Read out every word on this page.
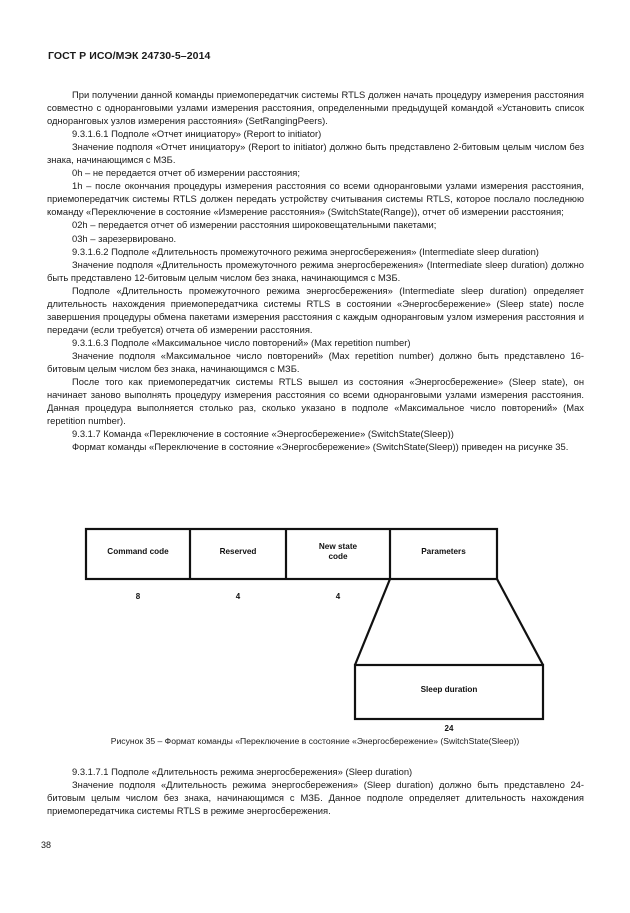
ГОСТ Р ИСО/МЭК 24730-5–2014

При получении данной команды приемопередатчик системы RTLS должен начать процедуру измерения расстояния совместно с одноранговыми узлами измерения расстояния, определенными предыдущей командой «Установить список одноранговых узлов измерения расстояния» (SetRangingPeers).

9.3.1.6.1 Подполе «Отчет инициатору» (Report to initiator)

Значение подполя «Отчет инициатору» (Report to initiator) должно быть представлено 2-битовым целым числом без знака, начинающимся с МЗБ.

0h – не передается отчет об измерении расстояния;

1h – после окончания процедуры измерения расстояния со всеми одноранговыми узлами измерения расстояния, приемопередатчик системы RTLS должен передать устройству считывания системы RTLS, которое послало последнюю команду «Переключение в состояние «Измерение расстояния» (SwitchState(Range)), отчет об измерении расстояния;

02h – передается отчет об измерении расстояния широковещательными пакетами;

03h – зарезервировано.

9.3.1.6.2 Подполе «Длительность промежуточного режима энергосбережения» (Intermediate sleep duration)

Значение подполя «Длительность промежуточного режима энергосбережения» (Intermediate sleep duration) должно быть представлено 12-битовым целым числом без знака, начинающимся с МЗБ.

Подполе «Длительность промежуточного режима энергосбережения» (Intermediate sleep duration) определяет длительность нахождения приемопередатчика системы RTLS в состоянии «Энергосбережение» (Sleep state) после завершения процедуры обмена пакетами измерения расстояния с каждым одноранговым узлом измерения расстояния и передачи (если требуется) отчета об измерении расстояния.

9.3.1.6.3 Подполе «Максимальное число повторений» (Max repetition number)

Значение подполя «Максимальное число повторений» (Max repetition number) должно быть представлено 16-битовым целым числом без знака, начинающимся с МЗБ.

После того как приемопередатчик системы RTLS вышел из состояния «Энергосбережение» (Sleep state), он начинает заново выполнять процедуру измерения расстояния со всеми одноранговыми узлами измерения расстояния. Данная процедура выполняется столько раз, сколько указано в подполе «Максимальное число повторений» (Max repetition number).

9.3.1.7 Команда «Переключение в состояние «Энергосбережение» (SwitchState(Sleep))

Формат команды «Переключение в состояние «Энергосбережение» (SwitchState(Sleep)) приведен на рисунке 35.

Command code	Reserved
New state
code
Parameters
Sleep duration
8	4	4
24
Рисунок 35 – Формат команды «Переключение в состояние «Энергосбережение» (SwitchState(Sleep))

9.3.1.7.1 Подполе «Длительность режима энергосбережения» (Sleep duration)

Значение подполя «Длительность режима энергосбережения» (Sleep duration) должно быть представлено 24-битовым целым числом без знака, начинающимся с МЗБ. Данное подполе определяет длительность нахождения приемопередатчика системы RTLS в режиме энергосбережения.

38
